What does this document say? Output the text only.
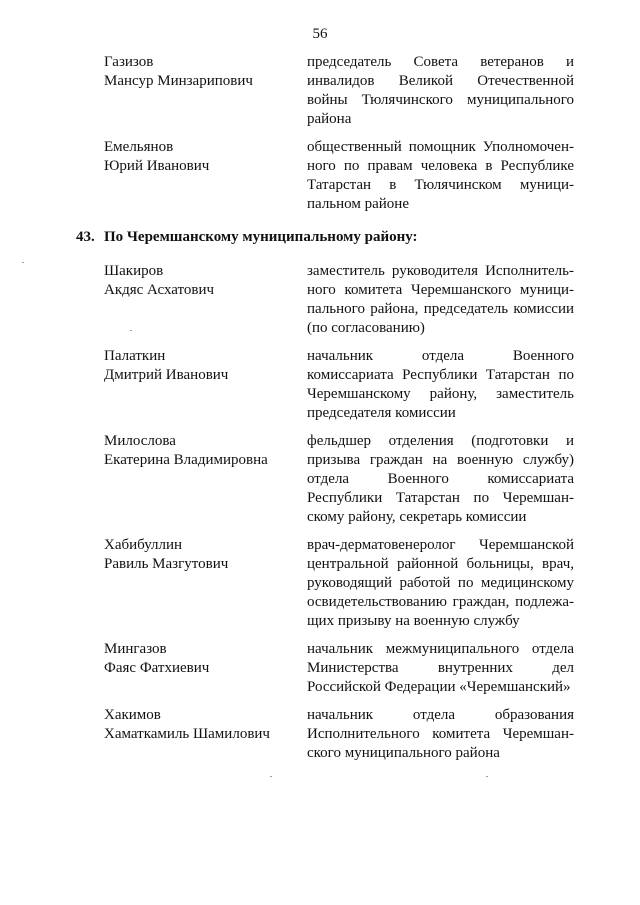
56
Газизов
Мансур Минзарипович
председатель Совета ветеранов и
инвалидов Великой Отечественной
войны Тюлячинского муниципального
района
Емельянов
Юрий Иванович
общественный помощник Уполномочен-
ного по правам человека в Республике
Татарстан в Тюлячинском муници-
пальном районе
43. По Черемшанскому муниципальному району:
Шакиров
Акдяс Асхатович
заместитель руководителя Исполнитель-
ного комитета Черемшанского муници-
пального района, председатель комиссии
(по согласованию)
Палаткин
Дмитрий Иванович
начальник отдела Военного
комиссариата Республики Татарстан по
Черемшанскому району, заместитель
председателя комиссии
Милослова
Екатерина Владимировна
фельдшер отделения (подготовки и
призыва граждан на военную службу)
отдела Военного комиссариата
Республики Татарстан по Черемшан-
скому району, секретарь комиссии
Хабибуллин
Равиль Мазгутович
врач-дерматовенеролог Черемшанской
центральной районной больницы, врач,
руководящий работой по медицинскому
освидетельствованию граждан, подлежа-
щих призыву на военную службу
Мингазов
Фаяс Фатхиевич
начальник межмуниципального отдела
Министерства внутренних дел
Российской Федерации «Черемшанский»
Хакимов
Хаматкамиль Шамилович
начальник отдела образования
Исполнительного комитета Черемшан-
ского муниципального района
